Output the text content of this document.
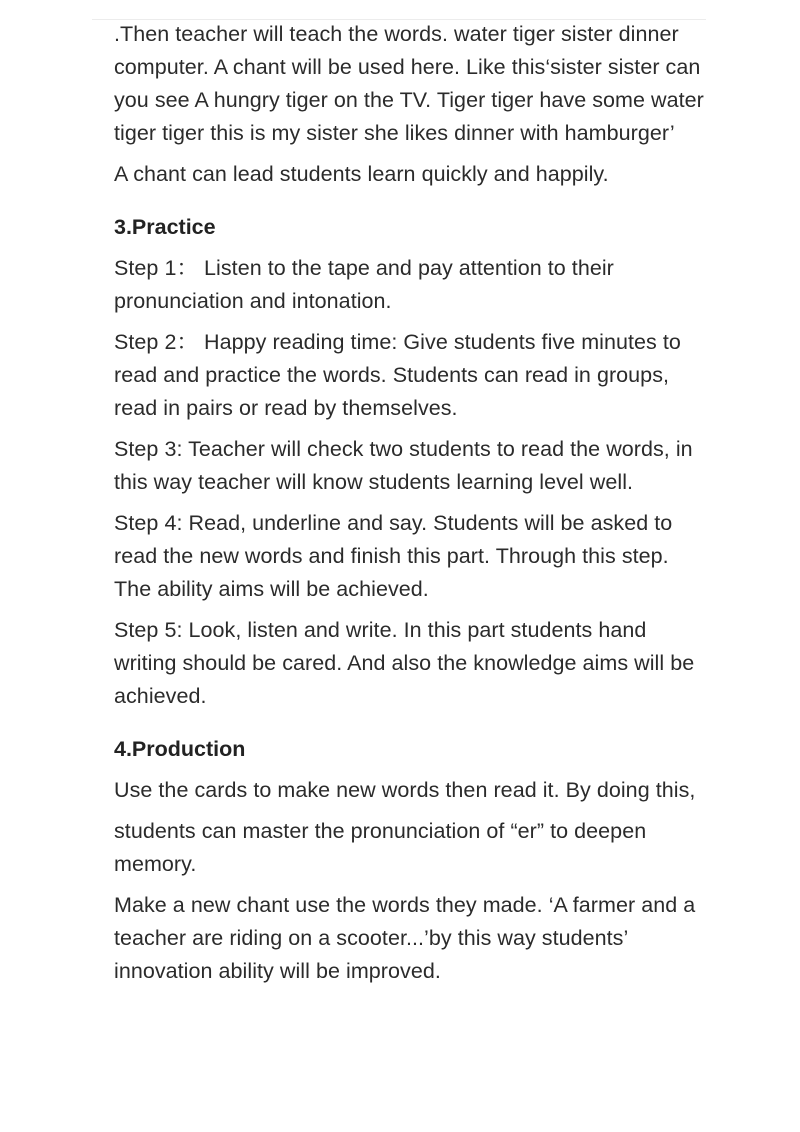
.Then teacher will teach the words. water tiger sister dinner computer. A chant will be used here. Like this‘sister sister can you see A hungry tiger on the TV. Tiger tiger have some water tiger tiger this is my sister she likes dinner with hamburger’

A chant can lead students learn quickly and happily.

3.Practice

Step 1： Listen to the tape and pay attention to their pronunciation and intonation.

Step 2： Happy reading time: Give students five minutes to read and practice the words. Students can read in groups, read in pairs or read by themselves.

Step 3: Teacher will check two students to read the words, in this way teacher will know students learning level well.

Step 4: Read, underline and say. Students will be asked to read the new words and finish this part. Through this step. The ability aims will be achieved.

Step 5: Look, listen and write. In this part students hand writing should be cared. And also the knowledge aims will be achieved.

4.Production

Use the cards to make new words then read it. By doing this,

students can master the pronunciation of “er” to deepen memory.

Make a new chant use the words they made. ‘A farmer and a teacher are riding on a scooter...’by this way students’ innovation ability will be improved.
